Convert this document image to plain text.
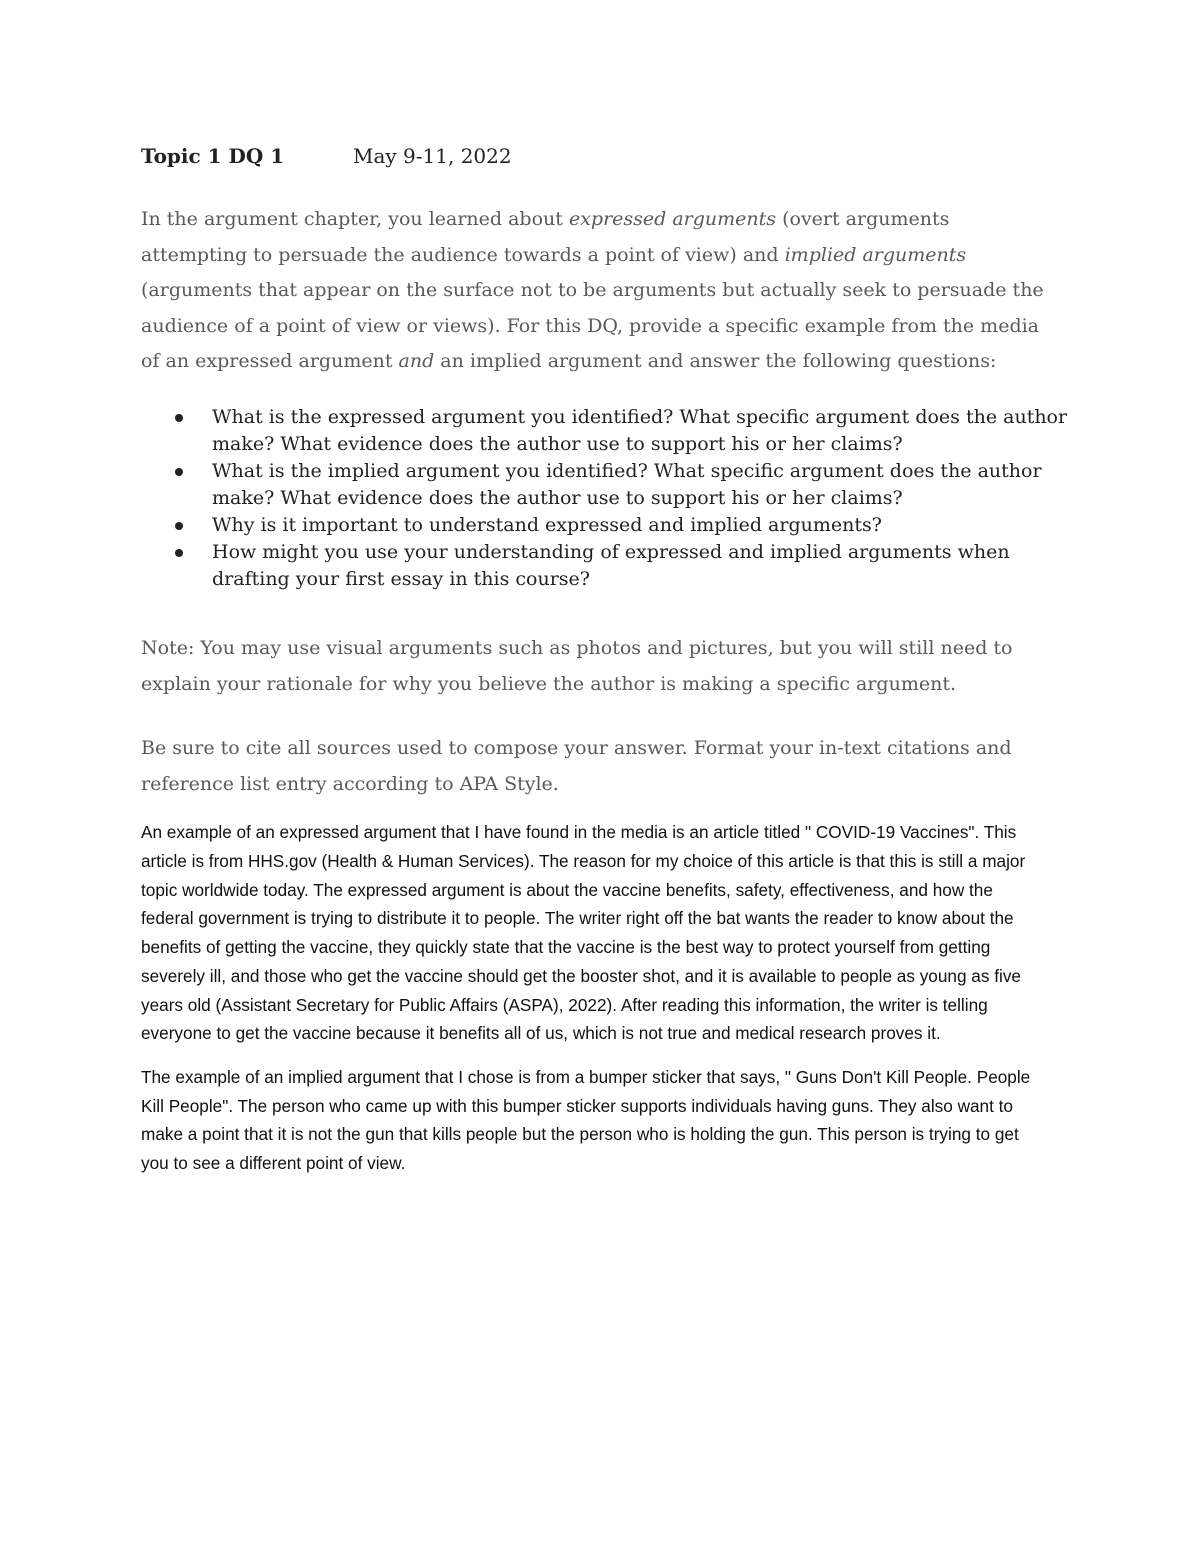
Topic 1 DQ 1	May 9-11, 2022

In the argument chapter, you learned about expressed arguments (overt arguments attempting to persuade the audience towards a point of view) and implied arguments (arguments that appear on the surface not to be arguments but actually seek to persuade the audience of a point of view or views). For this DQ, provide a specific example from the media of an expressed argument and an implied argument and answer the following questions:

What is the expressed argument you identified? What specific argument does the author make? What evidence does the author use to support his or her claims?
What is the implied argument you identified? What specific argument does the author make? What evidence does the author use to support his or her claims?
Why is it important to understand expressed and implied arguments?
How might you use your understanding of expressed and implied arguments when drafting your first essay in this course?

Note: You may use visual arguments such as photos and pictures, but you will still need to explain your rationale for why you believe the author is making a specific argument.

Be sure to cite all sources used to compose your answer. Format your in-text citations and reference list entry according to APA Style.

An example of an expressed argument that I have found in the media is an article titled " COVID-19 Vaccines". This article is from HHS.gov (Health & Human Services). The reason for my choice of this article is that this is still a major topic worldwide today. The expressed argument is about the vaccine benefits, safety, effectiveness, and how the federal government is trying to distribute it to people. The writer right off the bat wants the reader to know about the benefits of getting the vaccine, they quickly state that the vaccine is the best way to protect yourself from getting severely ill, and those who get the vaccine should get the booster shot, and it is available to people as young as five years old (Assistant Secretary for Public Affairs (ASPA), 2022). After reading this information, the writer is telling everyone to get the vaccine because it benefits all of us, which is not true and medical research proves it.

The example of an implied argument that I chose is from a bumper sticker that says, " Guns Don't Kill People. People Kill People". The person who came up with this bumper sticker supports individuals having guns. They also want to make a point that it is not the gun that kills people but the person who is holding the gun. This person is trying to get you to see a different point of view.
